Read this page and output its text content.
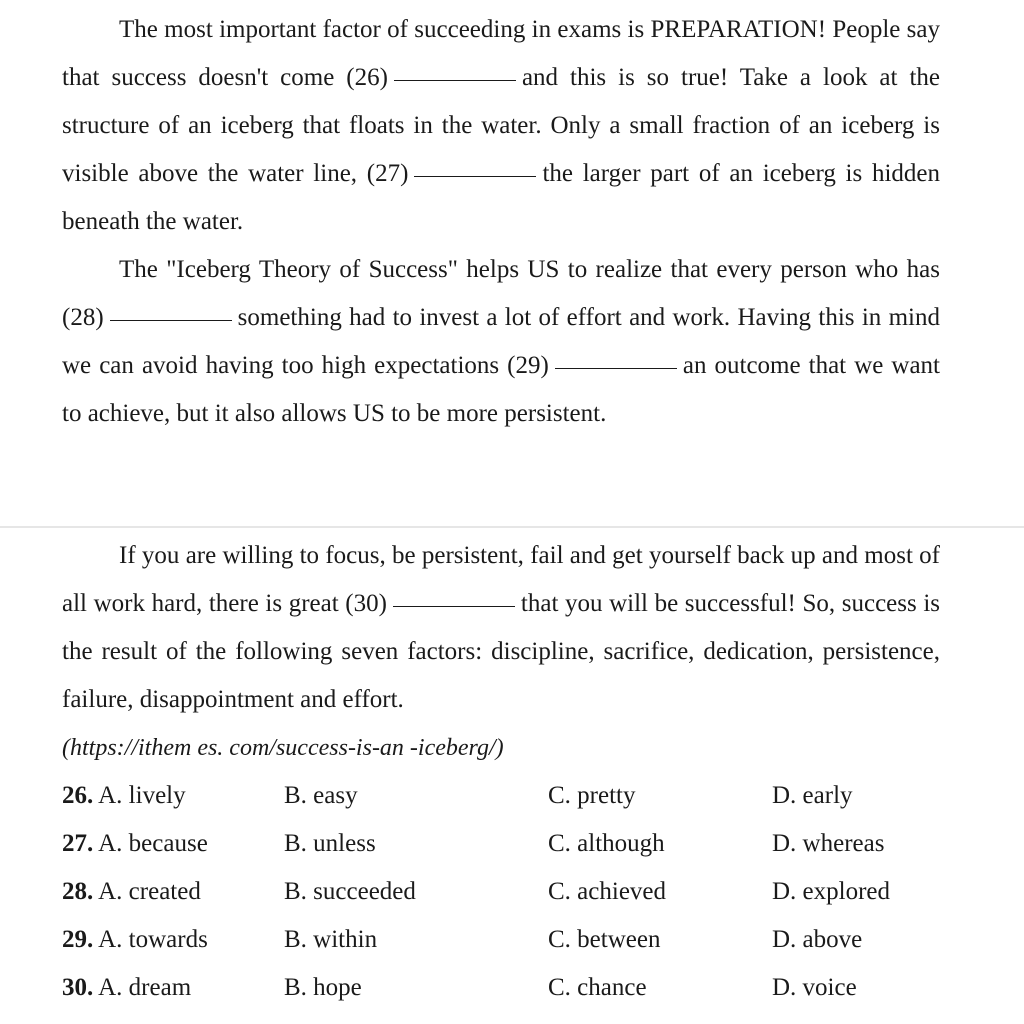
The most important factor of succeeding in exams is PREPARATION! People say that success doesn't come (26)	and this is so true! Take a look at the structure of an iceberg that floats in the water. Only a small fraction of an iceberg is visible above the water line, (27)	the larger part of an iceberg is hidden beneath the water.

The "Iceberg Theory of Success" helps US to realize that every person who has (28)	something had to invest a lot of effort and work. Having this in mind we can avoid having too high expectations (29)	an outcome that we want to achieve, but it also allows US to be more persistent.

If you are willing to focus, be persistent, fail and get yourself back up and most of all work hard, there is great (30)	that you will be successful! So, success is the result of the following seven factors: discipline, sacrifice, dedication, persistence, failure, disappointment and effort.

(https://ithem es. com/success-is-an -iceberg/)
26. A. lively	B. easy	C. pretty	D. early
27. A. because	B. unless	C. although	D. whereas
28. A. created	B. succeeded	C. achieved	D. explored
29. A. towards	B. within	C. between	D. above
30. A. dream	B. hope	C. chance	D. voice
